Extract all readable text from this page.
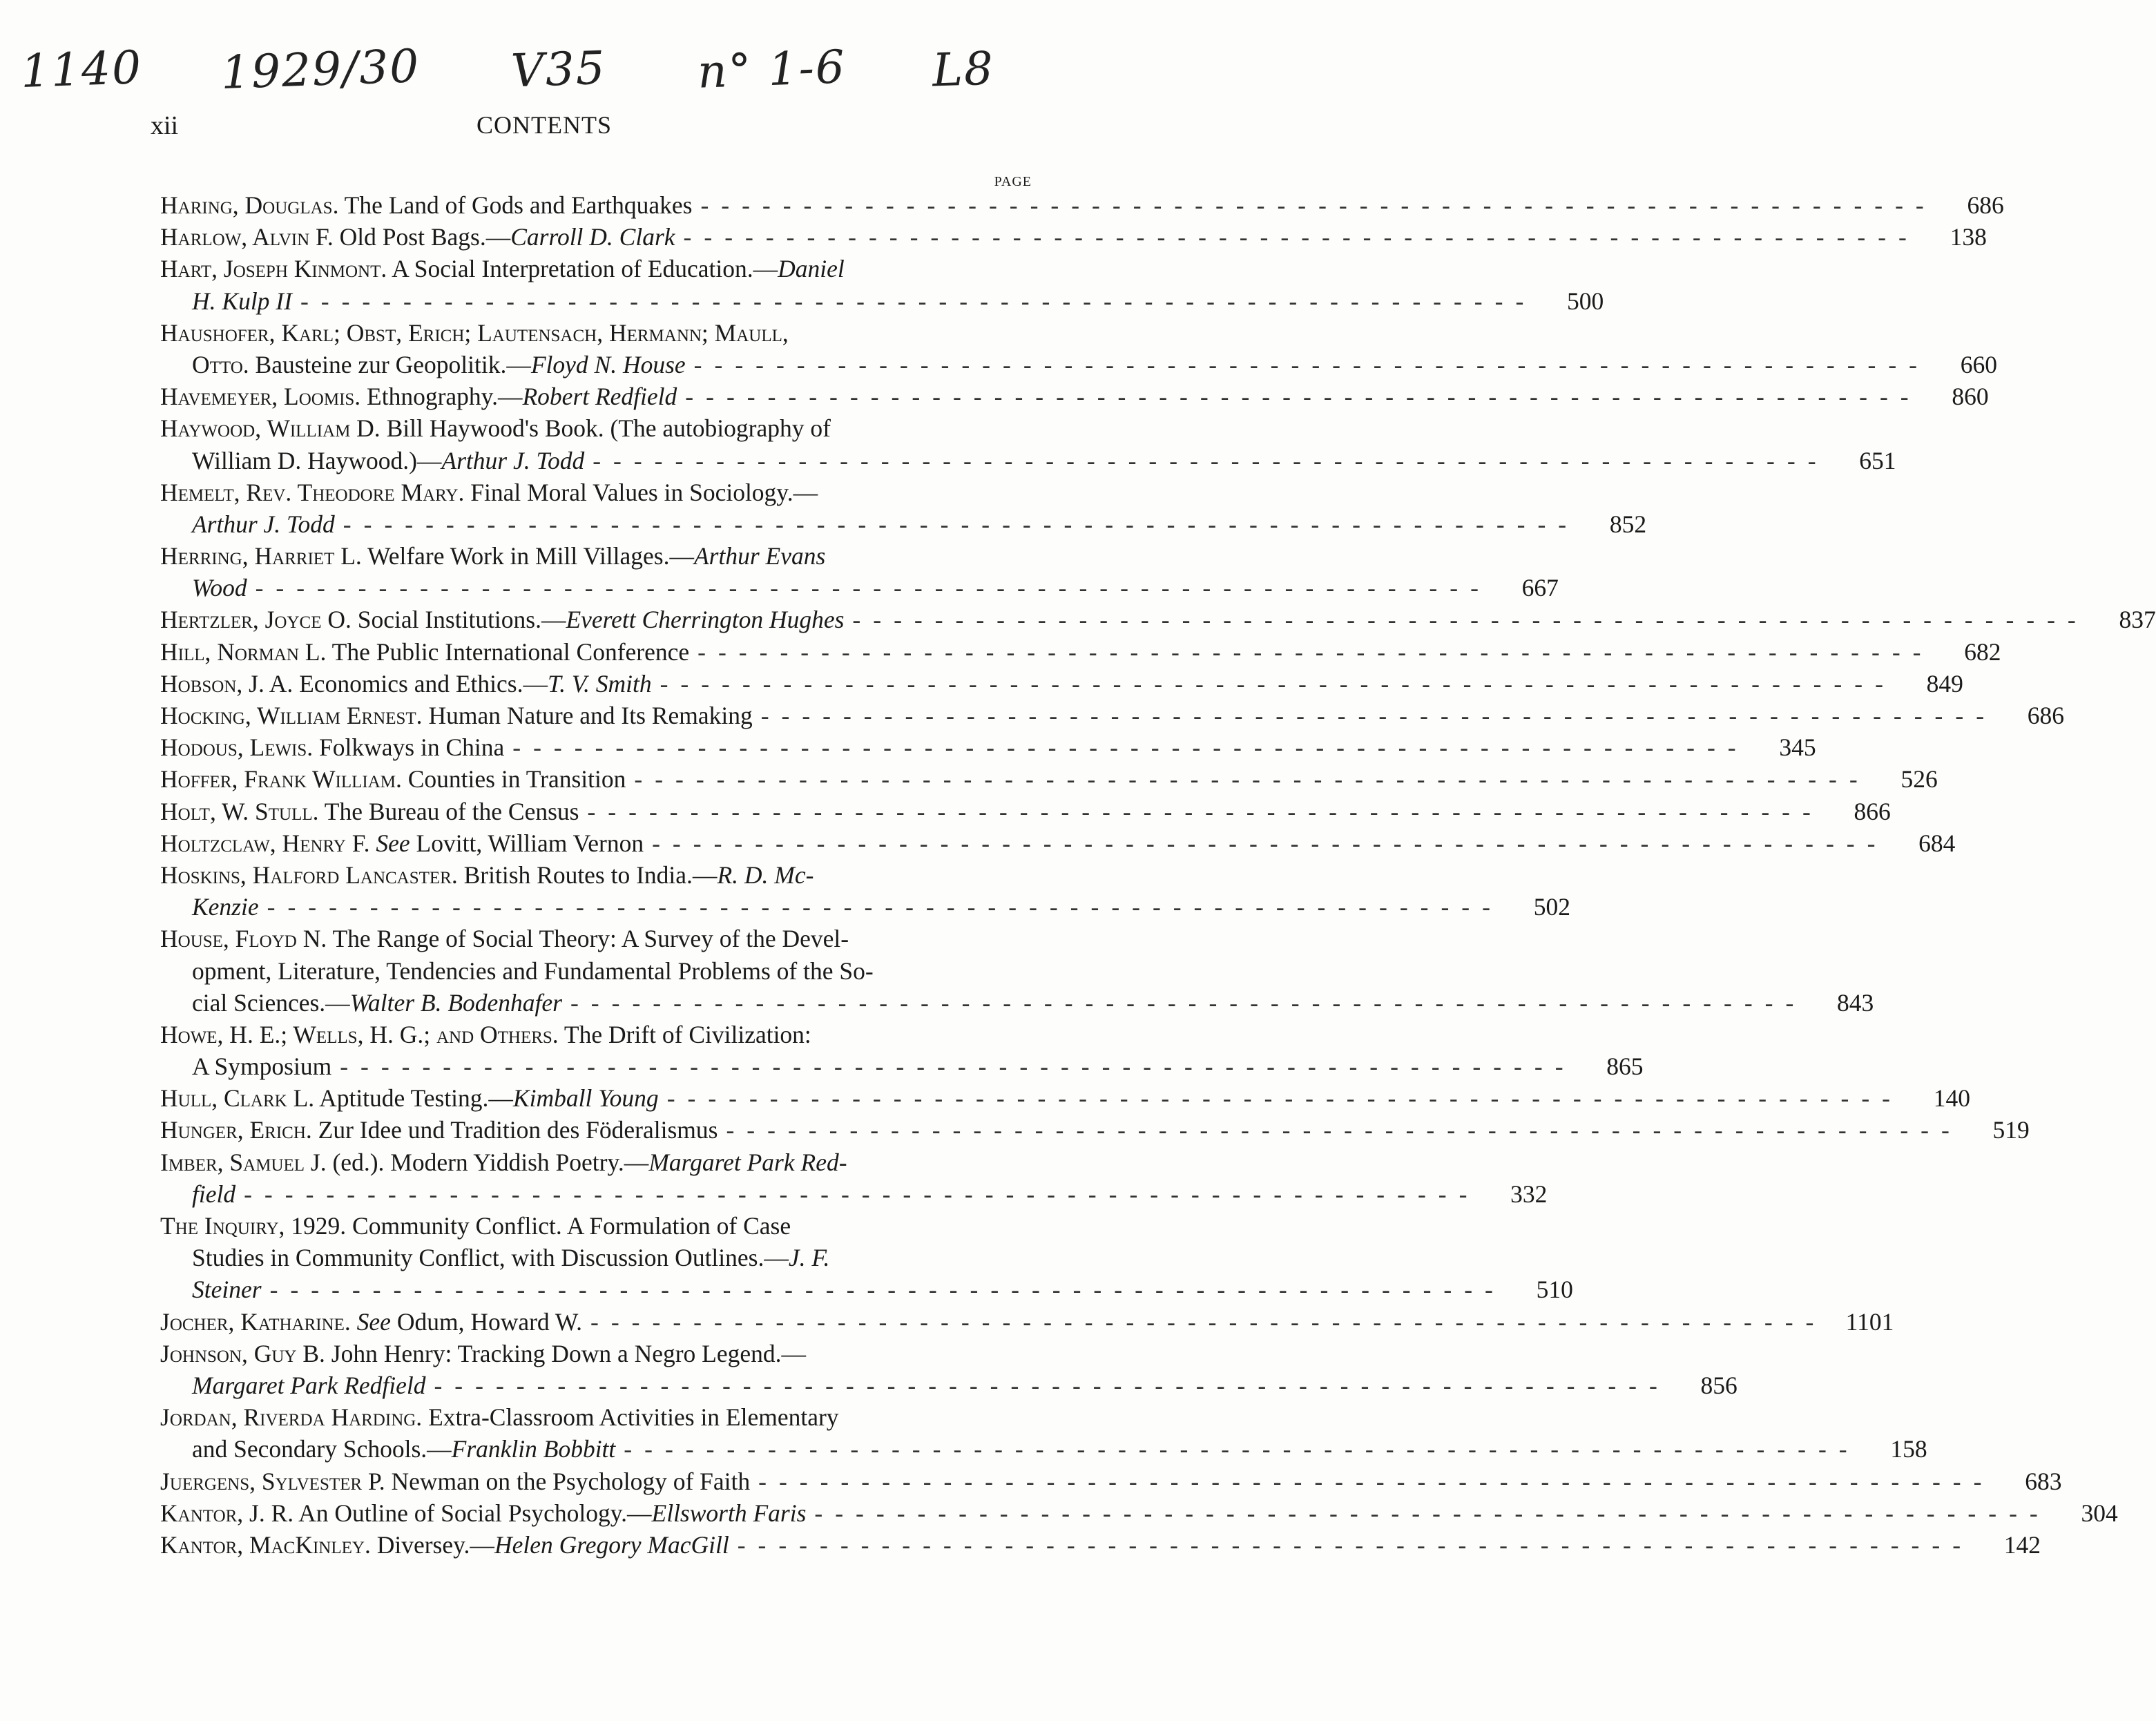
1140 1929/30 V35 n° 1-6 L8
xii	CONTENTS
PAGE
Haring, Douglas. The Land of Gods and Earthquakes ------------------------------------------------------------	686
Harlow, Alvin F. Old Post Bags.—Carroll D. Clark ------------------------------------------------------------	138
Hart, Joseph Kinmont. A Social Interpretation of Education.—Daniel
H. Kulp II ------------------------------------------------------------	500
Haushofer, Karl; Obst, Erich; Lautensach, Hermann; Maull,
Otto. Bausteine zur Geopolitik.—Floyd N. House ------------------------------------------------------------	660
Havemeyer, Loomis. Ethnography.—Robert Redfield ------------------------------------------------------------	860
Haywood, William D. Bill Haywood's Book. (The autobiography of
William D. Haywood.)—Arthur J. Todd ------------------------------------------------------------	651
Hemelt, Rev. Theodore Mary. Final Moral Values in Sociology.—
Arthur J. Todd ------------------------------------------------------------	852
Herring, Harriet L. Welfare Work in Mill Villages.—Arthur Evans
Wood ------------------------------------------------------------	667
Hertzler, Joyce O. Social Institutions.—Everett Cherrington Hughes ------------------------------------------------------------	837
Hill, Norman L. The Public International Conference ------------------------------------------------------------	682
Hobson, J. A. Economics and Ethics.—T. V. Smith ------------------------------------------------------------	849
Hocking, William Ernest. Human Nature and Its Remaking ------------------------------------------------------------	686
Hodous, Lewis. Folkways in China ------------------------------------------------------------	345
Hoffer, Frank William. Counties in Transition ------------------------------------------------------------	526
Holt, W. Stull. The Bureau of the Census ------------------------------------------------------------	866
Holtzclaw, Henry F. See Lovitt, William Vernon ------------------------------------------------------------	684
Hoskins, Halford Lancaster. British Routes to India.—R. D. Mc-
Kenzie ------------------------------------------------------------	502
House, Floyd N. The Range of Social Theory: A Survey of the Devel-
opment, Literature, Tendencies and Fundamental Problems of the So-
cial Sciences.—Walter B. Bodenhafer ------------------------------------------------------------	843
Howe, H. E.; Wells, H. G.; and Others. The Drift of Civilization:
A Symposium ------------------------------------------------------------	865
Hull, Clark L. Aptitude Testing.—Kimball Young ------------------------------------------------------------	140
Hunger, Erich. Zur Idee und Tradition des Föderalismus ------------------------------------------------------------	519
Imber, Samuel J. (ed.). Modern Yiddish Poetry.—Margaret Park Red-
field ------------------------------------------------------------	332
The Inquiry, 1929. Community Conflict. A Formulation of Case
Studies in Community Conflict, with Discussion Outlines.—J. F.
Steiner ------------------------------------------------------------	510
Jocher, Katharine. See Odum, Howard W. ------------------------------------------------------------ 1101
Johnson, Guy B. John Henry: Tracking Down a Negro Legend.—
Margaret Park Redfield ------------------------------------------------------------	856
Jordan, Riverda Harding. Extra-Classroom Activities in Elementary
and Secondary Schools.—Franklin Bobbitt ------------------------------------------------------------	158
Juergens, Sylvester P. Newman on the Psychology of Faith ------------------------------------------------------------	683
Kantor, J. R. An Outline of Social Psychology.—Ellsworth Faris ------------------------------------------------------------	304
Kantor, MacKinley. Diversey.—Helen Gregory MacGill ------------------------------------------------------------	142
